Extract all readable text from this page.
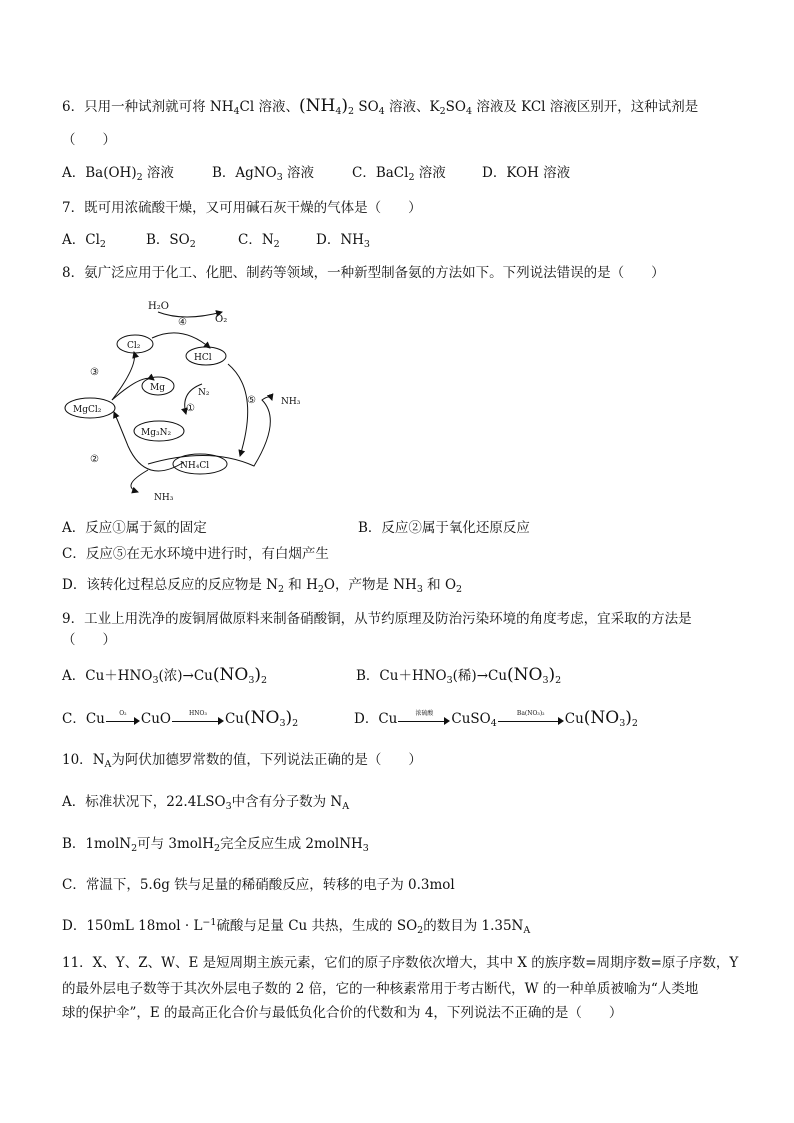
6．只用一种试剂就可将 $NH_4Cl$ 溶液、$(NH_4)_2$ $SO_4$ 溶液、$K_2SO_4$ 溶液及 KCl 溶液区别开，这种试剂是
（　　）
A．$Ba(OH)_2$ 溶液	B．AgNO$_3$ 溶液	C．BaCl$_2$ 溶液	D．KOH 溶液
7．既可用浓硫酸干燥，又可用碱石灰干燥的气体是（　　）
A．$Cl_2$	B．$SO_2$	C．$N_2$	D．$NH_3$
8．氨广泛应用于化工、化肥、制药等领域，一种新型制备氨的方法如下。下列说法错误的是（　　）
H₂O
④	O₂
Cl₂
HCl
③
Mg	N₂
①
MgCl₂
⑤	NH₃
Mg₃N₂
②
NH₄Cl
NH₃
A．反应①属于氮的固定	B．反应②属于氧化还原反应
C．反应⑤在无水环境中进行时，有白烟产生
D．该转化过程总反应的反应物是 $N_2$ 和 $H_2O$，产物是 $NH_3$ 和 $O_2$
9．工业上用洗净的废铜屑做原料来制备硝酸铜，从节约原理及防治污染环境的角度考虑，宜采取的方法是
（　　）
A．$Cu+HNO_3$(浓)$\to Cu(NO_3)_2$	B．$Cu+HNO_3$(稀)$\to Cu(NO_3)_2$
C．Cu	O₂	CuO	HNO₃	$Cu(NO_3)_2$	D．Cu	浓硫酸	CuSO$_4$
Ba(NO₃)₂	$Cu(NO_3)_2$
10．$N_A$为阿伏加德罗常数的值，下列说法正确的是（　　）
A．标准状况下，$22.4LSO_3$中含有分子数为 $N_A$
B．1molN$_2$可与 3molH$_2$完全反应生成 2molNH$_3$
C．常温下，5.6g 铁与足量的稀硝酸反应，转移的电子为 0.3mol
D．150mL $18mol \cdot L^{-1}$硫酸与足量 Cu 共热，生成的 $SO_2$的数目为 $1.35N_A$
11．X、Y、Z、W、E 是短周期主族元素，它们的原子序数依次增大，其中 X 的族序数=周期序数=原子序数，Y
的最外层电子数等于其次外层电子数的 2 倍，它的一种核素常用于考古断代，W 的一种单质被喻为“人类地
球的保护伞”，E 的最高正化合价与最低负化合价的代数和为 4，下列说法不正确的是（　　）
